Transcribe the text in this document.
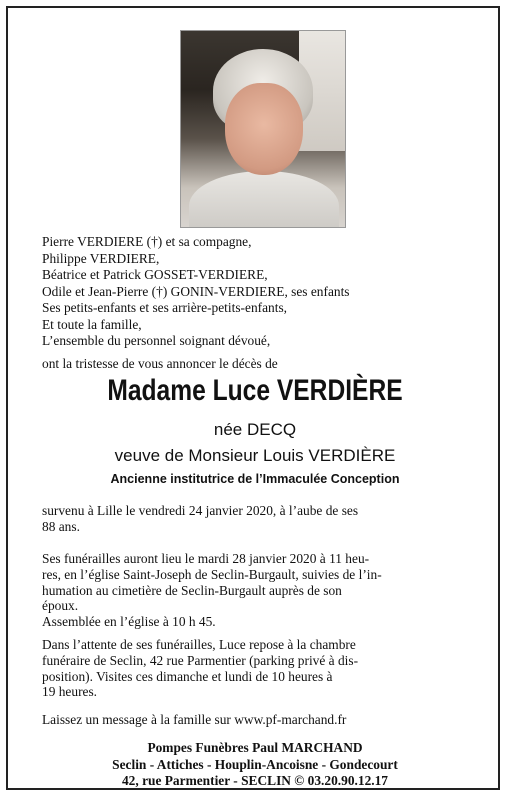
Pierre VERDIERE (†) et sa compagne,
Philippe VERDIERE,
Béatrice et Patrick GOSSET-VERDIERE,
Odile et Jean-Pierre (†) GONIN-VERDIERE, ses enfants
Ses petits-enfants et ses arrière-petits-enfants,
Et toute la famille,
L’ensemble du personnel soignant dévoué,
ont la tristesse de vous annoncer le décès de
Madame Luce VERDIÈRE
née DECQ
veuve de Monsieur Louis VERDIÈRE
Ancienne institutrice de l’Immaculée Conception
survenu à Lille le vendredi 24 janvier 2020, à l’aube de ses
88 ans.
Ses funérailles auront lieu le mardi 28 janvier 2020 à 11 heu-
res, en l’église Saint-Joseph de Seclin-Burgault, suivies de l’in-
humation au cimetière de Seclin-Burgault auprès de son
époux.
Assemblée en l’église à 10 h 45.
Dans l’attente de ses funérailles, Luce repose à la chambre
funéraire de Seclin, 42 rue Parmentier (parking privé à dis-
position). Visites ces dimanche et lundi de 10 heures à
19 heures.
Laissez un message à la famille sur www.pf-marchand.fr
Pompes Funèbres Paul MARCHAND
Seclin - Attiches - Houplin-Ancoisne - Gondecourt
42, rue Parmentier - SECLIN © 03.20.90.12.17
